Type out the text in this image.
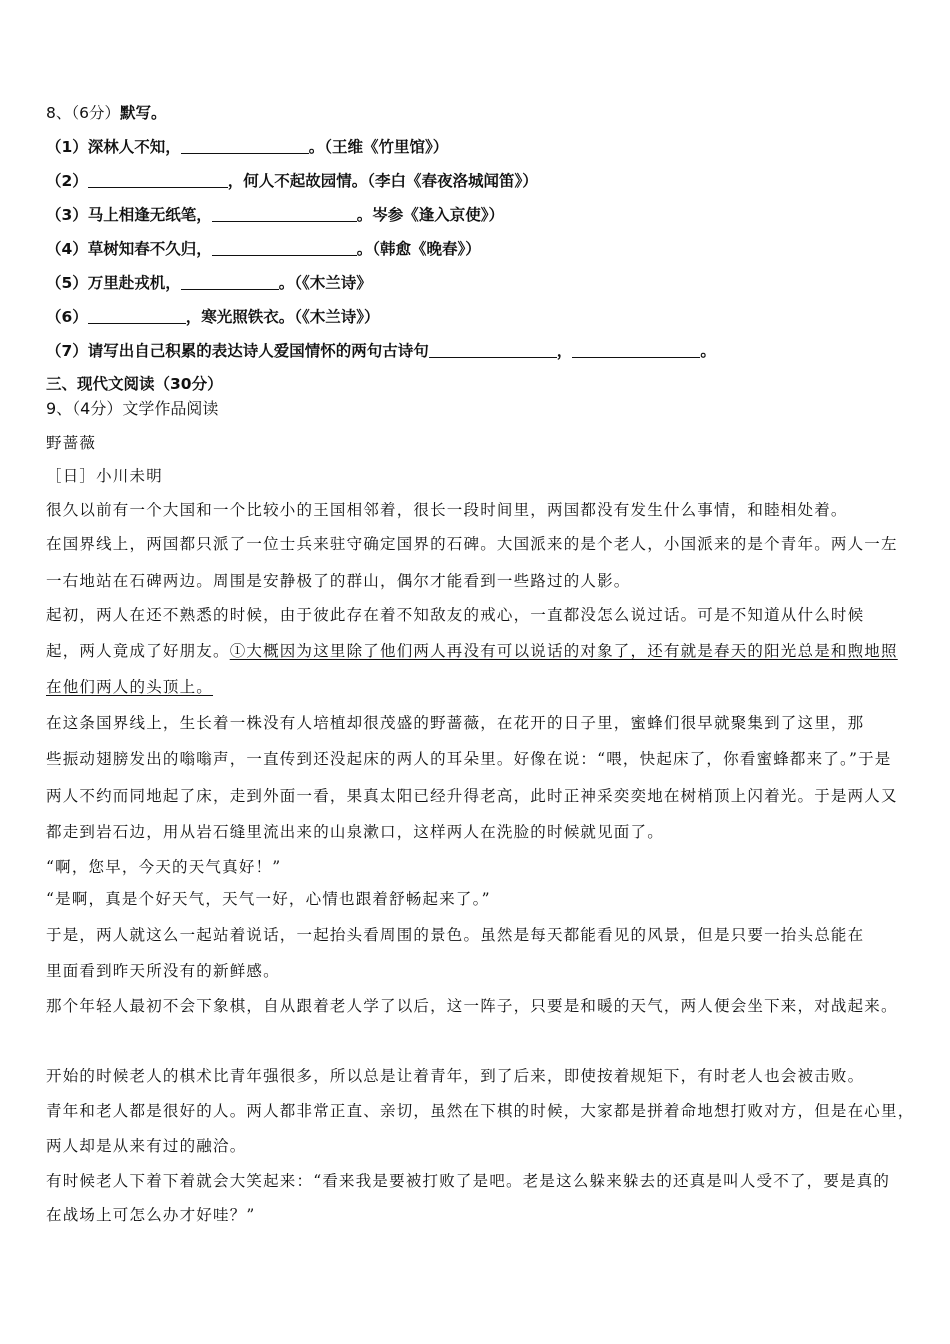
8、（6分）默写。
（1）深林人不知，	。（王维《竹里馆》）
（2）	，何人不起故园情。（李白《春夜洛城闻笛》）
（3）马上相逢无纸笔，	。岑参《逢入京使》）
（4）草树知春不久归，	。（韩愈《晚春》）
（5）万里赴戎机，	。（《木兰诗》
（6）	，寒光照铁衣。（《木兰诗》）
（7）请写出自己积累的表达诗人爱国情怀的两句古诗句	，	。
三、现代文阅读（30分）
9、（4分）文学作品阅读
野蔷薇
［日］小川未明
很久以前有一个大国和一个比较小的王国相邻着，很长一段时间里，两国都没有发生什么事情，和睦相处着。
在国界线上，两国都只派了一位士兵来驻守确定国界的石碑。大国派来的是个老人，小国派来的是个青年。两人一左
一右地站在石碑两边。周围是安静极了的群山，偶尔才能看到一些路过的人影。
起初，两人在还不熟悉的时候，由于彼此存在着不知敌友的戒心，一直都没怎么说过话。可是不知道从什么时候
起，两人竟成了好朋友。①大概因为这里除了他们两人再没有可以说话的对象了，还有就是春天的阳光总是和煦地照
在他们两人的头顶上。
在这条国界线上，生长着一株没有人培植却很茂盛的野蔷薇，在花开的日子里，蜜蜂们很早就聚集到了这里，那
些振动翅膀发出的嗡嗡声，一直传到还没起床的两人的耳朵里。好像在说：“喂，快起床了，你看蜜蜂都来了。”于是
两人不约而同地起了床，走到外面一看，果真太阳已经升得老高，此时正神采奕奕地在树梢顶上闪着光。于是两人又
都走到岩石边，用从岩石缝里流出来的山泉漱口，这样两人在洗脸的时候就见面了。
“啊，您早，今天的天气真好！”
“是啊，真是个好天气，天气一好，心情也跟着舒畅起来了。”
于是，两人就这么一起站着说话，一起抬头看周围的景色。虽然是每天都能看见的风景，但是只要一抬头总能在
里面看到昨天所没有的新鲜感。
那个年轻人最初不会下象棋，自从跟着老人学了以后，这一阵子，只要是和暖的天气，两人便会坐下来，对战起来。
开始的时候老人的棋术比青年强很多，所以总是让着青年，到了后来，即使按着规矩下，有时老人也会被击败。
青年和老人都是很好的人。两人都非常正直、亲切，虽然在下棋的时候，大家都是拼着命地想打败对方，但是在心里，
两人却是从来有过的融洽。
有时候老人下着下着就会大笑起来：“看来我是要被打败了是吧。老是这么躲来躲去的还真是叫人受不了，要是真的
在战场上可怎么办才好哇？”
